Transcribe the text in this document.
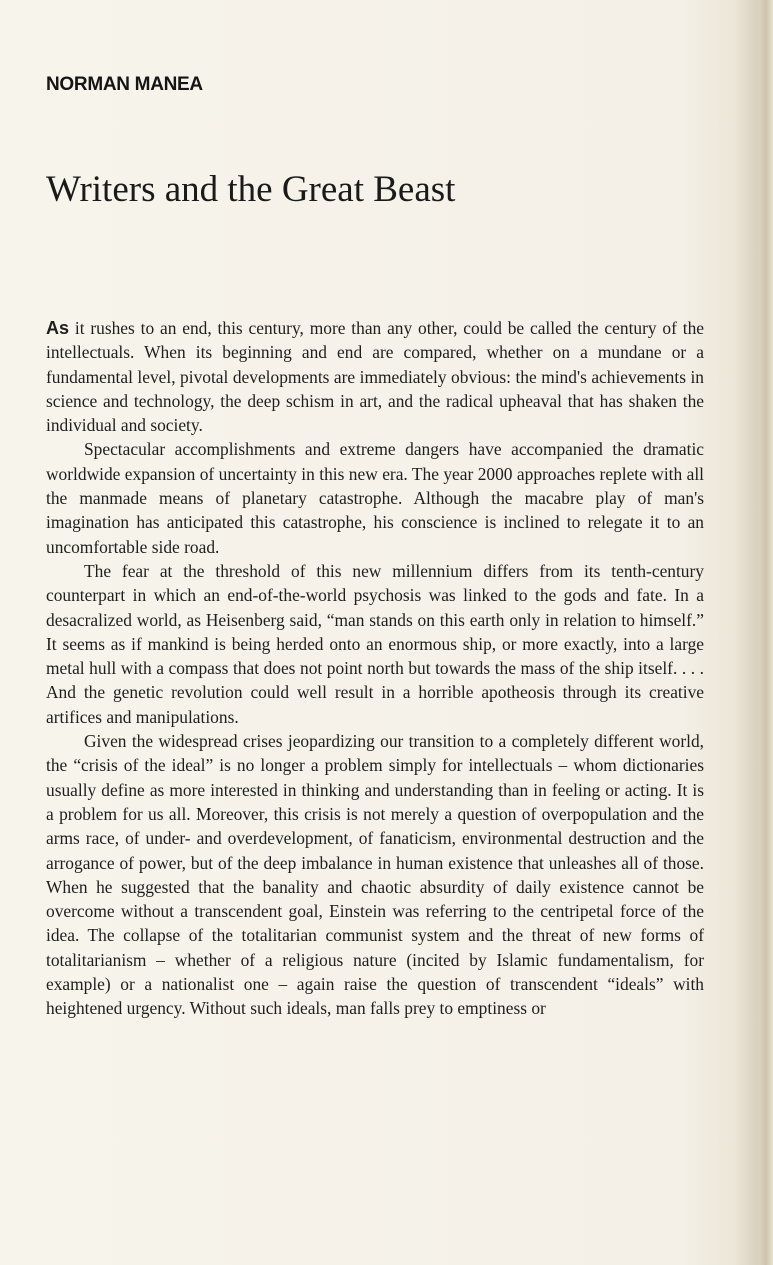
NORMAN MANEA
Writers and the Great Beast

As it rushes to an end, this century, more than any other, could be called the century of the intellectuals. When its beginning and end are compared, whether on a mundane or a fundamental level, pivotal developments are immediately obvious: the mind's achievements in science and technology, the deep schism in art, and the radical upheaval that has shaken the individual and society.

Spectacular accomplishments and extreme dangers have accompanied the dramatic worldwide expansion of uncertainty in this new era. The year 2000 approaches replete with all the manmade means of planetary catastrophe. Although the macabre play of man's imagination has anticipated this catastrophe, his conscience is inclined to relegate it to an uncomfortable side road.

The fear at the threshold of this new millennium differs from its tenth-century counterpart in which an end-of-the-world psychosis was linked to the gods and fate. In a desacralized world, as Heisenberg said, “man stands on this earth only in relation to himself.” It seems as if mankind is being herded onto an enormous ship, or more exactly, into a large metal hull with a compass that does not point north but towards the mass of the ship itself. . . . And the genetic revolution could well result in a horrible apotheosis through its creative artifices and manipulations.

Given the widespread crises jeopardizing our transition to a completely different world, the “crisis of the ideal” is no longer a problem simply for intellectuals – whom dictionaries usually define as more interested in thinking and understanding than in feeling or acting. It is a problem for us all. Moreover, this crisis is not merely a question of overpopulation and the arms race, of under- and overdevelopment, of fanaticism, environmental destruction and the arrogance of power, but of the deep imbalance in human existence that unleashes all of those. When he suggested that the banality and chaotic absurdity of daily existence cannot be overcome without a transcendent goal, Einstein was referring to the centripetal force of the idea. The collapse of the totalitarian communist system and the threat of new forms of totalitarianism – whether of a religious nature (incited by Islamic fundamentalism, for example) or a nationalist one – again raise the question of transcendent “ideals” with heightened urgency. Without such ideals, man falls prey to emptiness or
